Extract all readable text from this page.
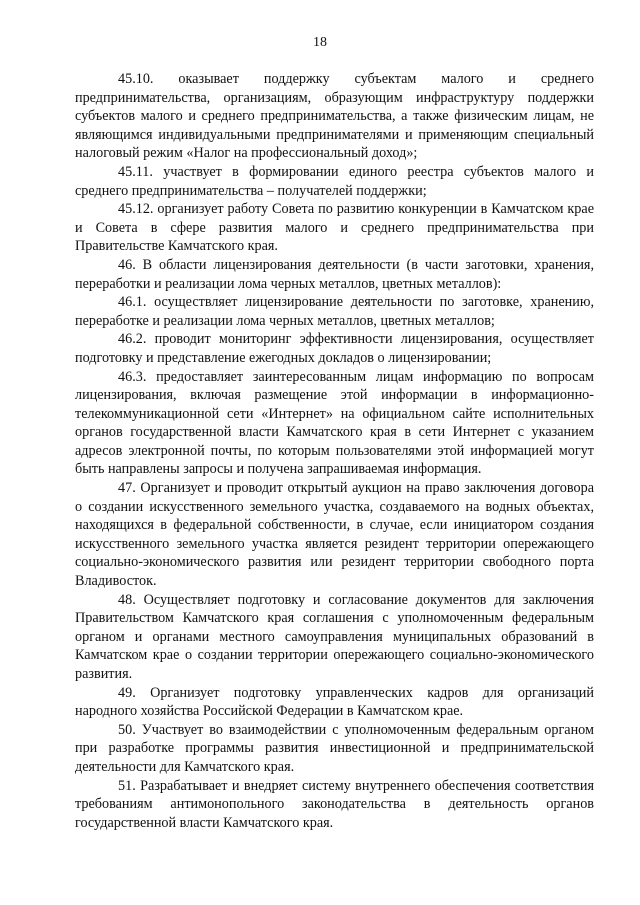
18

45.10. оказывает поддержку субъектам малого и среднего предпринимательства, организациям, образующим инфраструктуру поддержки субъектов малого и среднего предпринимательства, а также физическим лицам, не являющимся индивидуальными предпринимателями и применяющим специальный налоговый режим «Налог на профессиональный доход»;

45.11. участвует в формировании единого реестра субъектов малого и среднего предпринимательства – получателей поддержки;

45.12. организует работу Совета по развитию конкуренции в Камчатском крае и Совета в сфере развития малого и среднего предпринимательства при Правительстве Камчатского края.

46. В области лицензирования деятельности (в части заготовки, хранения, переработки и реализации лома черных металлов, цветных металлов):

46.1. осуществляет лицензирование деятельности по заготовке, хранению, переработке и реализации лома черных металлов, цветных металлов;

46.2. проводит мониторинг эффективности лицензирования, осуществляет подготовку и представление ежегодных докладов о лицензировании;

46.3. предоставляет заинтересованным лицам информацию по вопросам лицензирования, включая размещение этой информации в информационно-телекоммуникационной сети «Интернет» на официальном сайте исполнительных органов государственной власти Камчатского края в сети Интернет с указанием адресов электронной почты, по которым пользователями этой информацией могут быть направлены запросы и получена запрашиваемая информация.

47. Организует и проводит открытый аукцион на право заключения договора о создании искусственного земельного участка, создаваемого на водных объектах, находящихся в федеральной собственности, в случае, если инициатором создания искусственного земельного участка является резидент территории опережающего социально-экономического развития или резидент территории свободного порта Владивосток.

48. Осуществляет подготовку и согласование документов для заключения Правительством Камчатского края соглашения с уполномоченным федеральным органом и органами местного самоуправления муниципальных образований в Камчатском крае о создании территории опережающего социально-экономического развития.

49. Организует подготовку управленческих кадров для организаций народного хозяйства Российской Федерации в Камчатском крае.

50. Участвует во взаимодействии с уполномоченным федеральным органом при разработке программы развития инвестиционной и предпринимательской деятельности для Камчатского края.

51. Разрабатывает и внедряет систему внутреннего обеспечения соответствия требованиям антимонопольного законодательства в деятельность органов государственной власти Камчатского края.
